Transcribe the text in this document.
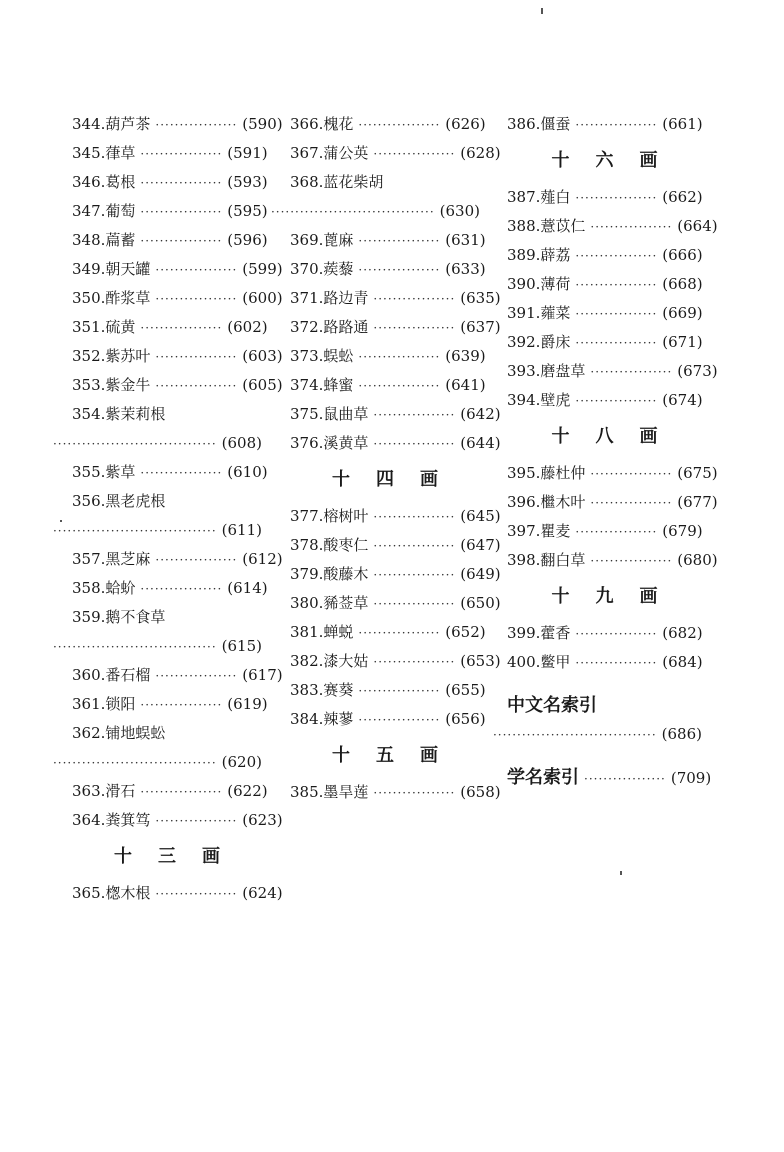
344. 葫芦茶 ················· (590)
345. 葎草 ················· (591)
346. 葛根 ················· (593)
347. 葡萄 ················· (595)
348. 萹蓄 ················· (596)
349. 朝天罐 ················· (599)
350. 酢浆草 ················· (600)
351. 硫黄 ················· (602)
352. 紫苏叶 ················· (603)
353. 紫金牛 ················· (605)
354. 紫茉莉根
·································· (608)
355. 紫草 ················· (610)
356. 黑老虎根
·································· (611)
357. 黑芝麻 ················· (612)
358. 蛤蚧 ················· (614)
359. 鹅不食草
·································· (615)
360. 番石榴 ················· (617)
361. 锁阳 ················· (619)
362. 铺地蜈蚣
·································· (620)
363. 滑石 ················· (622)
364. 粪箕笃 ················· (623)
十三画
365. 楤木根 ················· (624)
366. 槐花 ················· (626)
367. 蒲公英 ················· (628)
368. 蓝花柴胡
·································· (630)
369. 蓖麻 ················· (631)
370. 蒺藜 ················· (633)
371. 路边青 ················· (635)
372. 路路通 ················· (637)
373. 蜈蚣 ················· (639)
374. 蜂蜜 ················· (641)
375. 鼠曲草 ················· (642)
376. 溪黄草 ················· (644)
十四画
377. 榕树叶 ················· (645)
378. 酸枣仁 ················· (647)
379. 酸藤木 ················· (649)
380. 豨莶草 ················· (650)
381. 蝉蜕 ················· (652)
382. 漆大姑 ················· (653)
383. 赛葵 ················· (655)
384. 辣蓼 ················· (656)
十五画
385. 墨旱莲 ················· (658)
386. 僵蚕 ················· (661)
十六画
387. 薤白 ················· (662)
388. 薏苡仁 ················· (664)
389. 薜荔 ················· (666)
390. 薄荷 ················· (668)
391. 蕹菜 ················· (669)
392. 爵床 ················· (671)
393. 磨盘草 ················· (673)
394. 壁虎 ················· (674)
十八画
395. 藤杜仲 ················· (675)
396. 檵木叶 ················· (677)
397. 瞿麦 ················· (679)
398. 翻白草 ················· (680)
十九画
399. 藿香 ················· (682)
400. 鳖甲 ················· (684)
中文名索引
·································· (686)
学名索引 ················· (709)
